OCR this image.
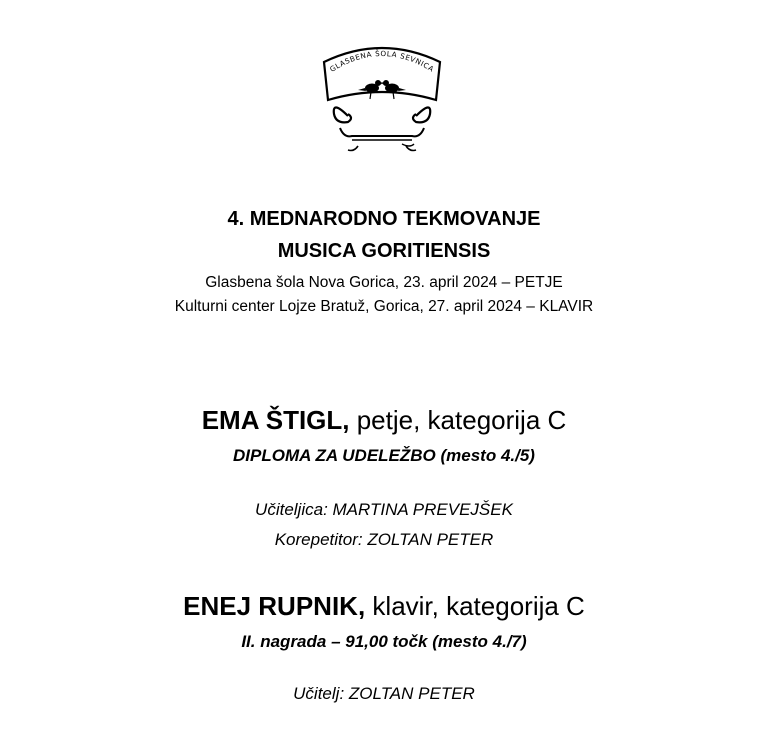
GLASBENA ŠOLA SEVNICA
4. MEDNARODNO TEKMOVANJE
MUSICA GORITIENSIS
Glasbena šola Nova Gorica, 23. april 2024 – PETJE
Kulturni center Lojze Bratuž, Gorica, 27. april 2024 – KLAVIR
EMA ŠTIGL, petje, kategorija C
DIPLOMA ZA UDELEŽBO (mesto 4./5)
Učiteljica: MARTINA PREVEJŠEK
Korepetitor: ZOLTAN PETER
ENEJ RUPNIK, klavir, kategorija C
II. nagrada – 91,00 točk (mesto 4./7)
Učitelj: ZOLTAN PETER
